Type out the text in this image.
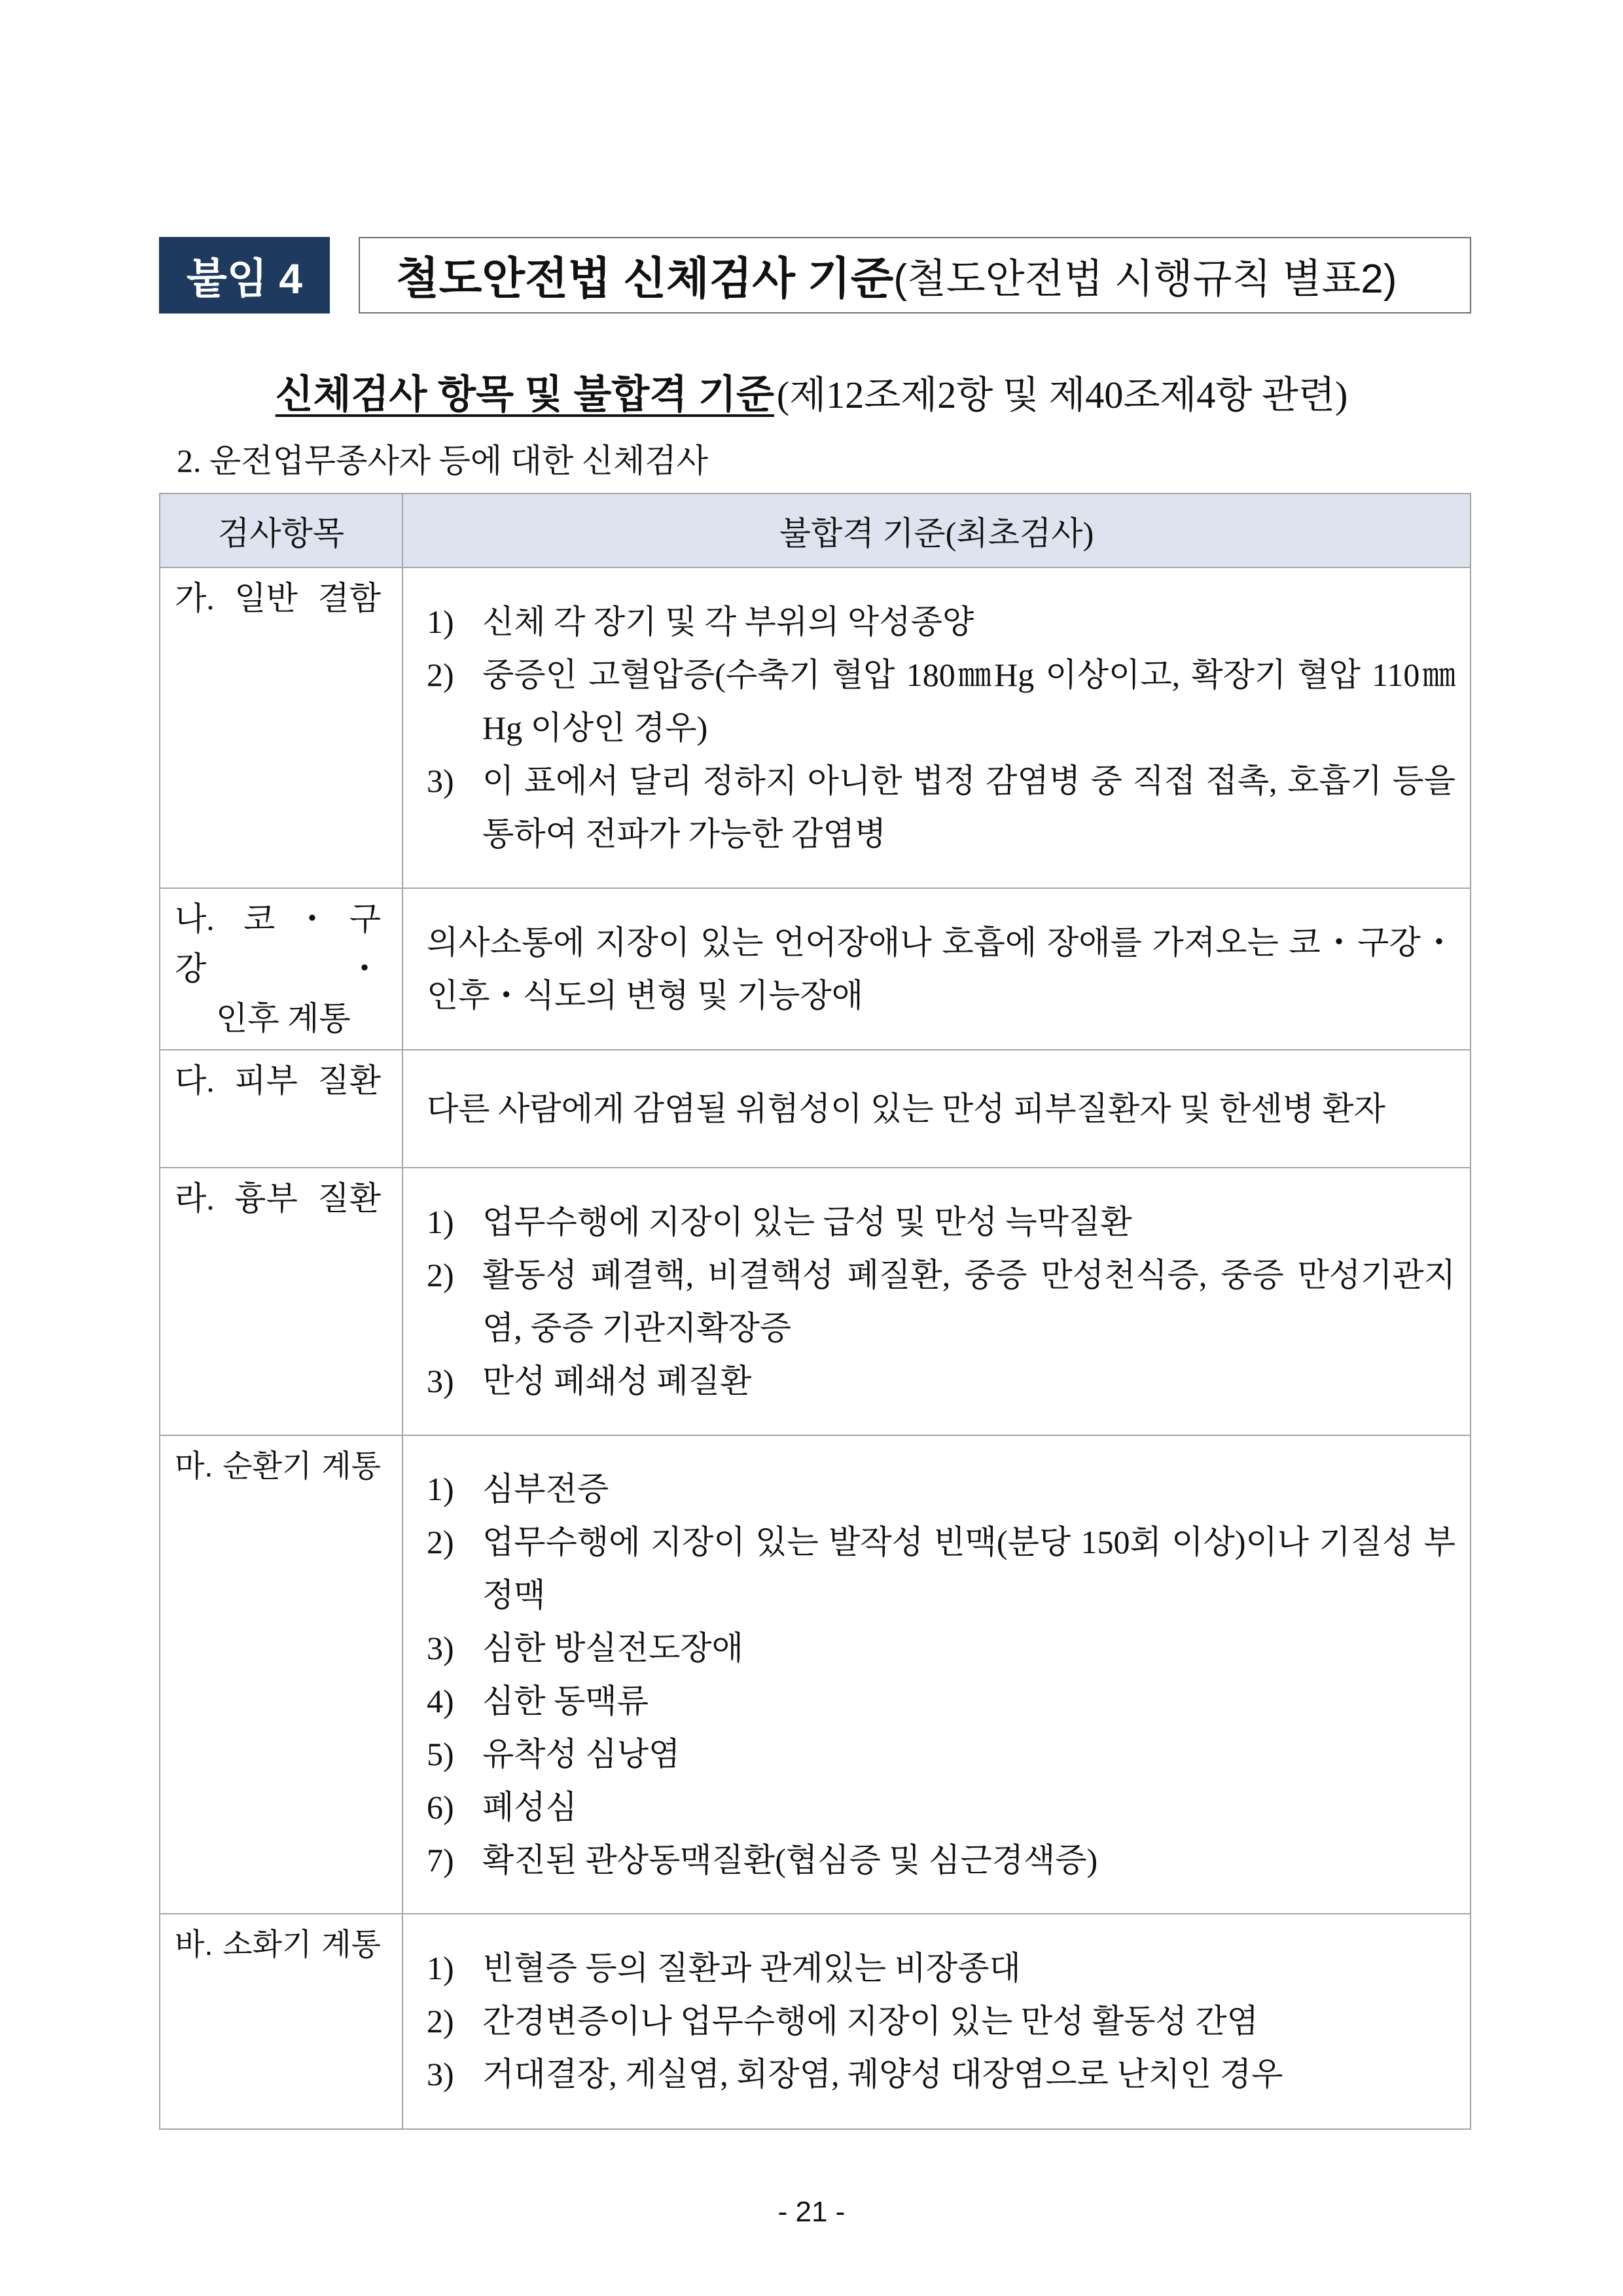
붙임 4	철도안전법 신체검사 기준 (철도안전법 시행규칙 별표2)
신체검사 항목 및 불합격 기준 (제12조제2항 및 제40조제4항 관련)
2. 운전업무종사자 등에 대한 신체검사
검사항목	불합격 기준(최초검사)
가. 일반 결함
1) 신체 각 장기 및 각 부위의 악성종양
2) 중증인 고혈압증(수축기 혈압 180㎜Hg 이상이고, 확장기 혈압 110㎜Hg 이상인 경우)
3) 이 표에서 달리 정하지 아니한 법정 감염병 중 직접 접촉, 호흡기 등을 통하여 전파가 가능한 감염병
나. 코・구강・
인후 계통
의사소통에 지장이 있는 언어장애나 호흡에 장애를 가져오는 코・구강・인후・식도의 변형 및 기능장애
다. 피부 질환
다른 사람에게 감염될 위험성이 있는 만성 피부질환자 및 한센병 환자
라. 흉부 질환
1) 업무수행에 지장이 있는 급성 및 만성 늑막질환
2) 활동성 폐결핵, 비결핵성 폐질환, 중증 만성천식증, 중증 만성기관지염, 중증 기관지확장증
3) 만성 폐쇄성 폐질환
마. 순환기 계통
1) 심부전증
2) 업무수행에 지장이 있는 발작성 빈맥(분당 150회 이상)이나 기질성 부정맥
3) 심한 방실전도장애
4) 심한 동맥류
5) 유착성 심낭염
6) 폐성심
7) 확진된 관상동맥질환(협심증 및 심근경색증)
바. 소화기 계통
1) 빈혈증 등의 질환과 관계있는 비장종대
2) 간경변증이나 업무수행에 지장이 있는 만성 활동성 간염
3) 거대결장, 게실염, 회장염, 궤양성 대장염으로 난치인 경우
- 21 -
